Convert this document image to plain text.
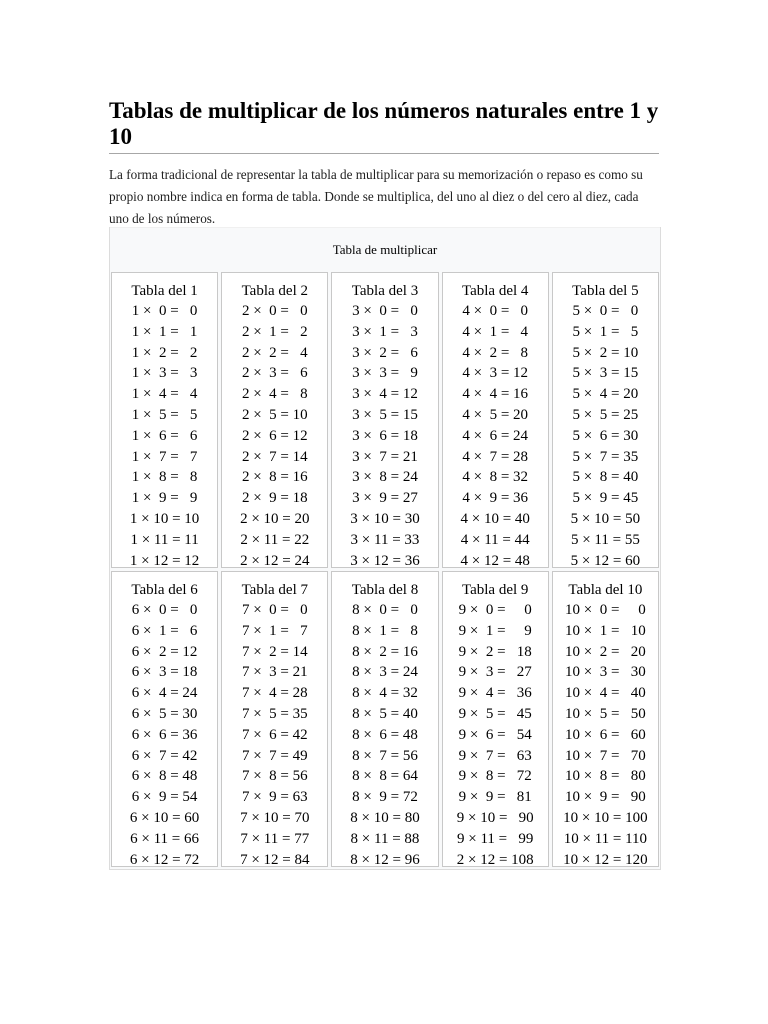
Tablas de multiplicar de los números naturales entre 1 y 10

La forma tradicional de representar la tabla de multiplicar para su memorización o repaso es como su propio nombre indica en forma de tabla. Donde se multiplica, del uno al diez o del cero al diez, cada uno de los números.

Tabla de multiplicar
Tabla del 1
1 ×  0 =   0
1 ×  1 =   1
1 ×  2 =   2
1 ×  3 =   3
1 ×  4 =   4
1 ×  5 =   5
1 ×  6 =   6
1 ×  7 =   7
1 ×  8 =   8
1 ×  9 =   9
1 × 10 = 10
1 × 11 = 11
1 × 12 = 12
Tabla del 2
2 ×  0 =   0
2 ×  1 =   2
2 ×  2 =   4
2 ×  3 =   6
2 ×  4 =   8
2 ×  5 = 10
2 ×  6 = 12
2 ×  7 = 14
2 ×  8 = 16
2 ×  9 = 18
2 × 10 = 20
2 × 11 = 22
2 × 12 = 24
Tabla del 3
3 ×  0 =   0
3 ×  1 =   3
3 ×  2 =   6
3 ×  3 =   9
3 ×  4 = 12
3 ×  5 = 15
3 ×  6 = 18
3 ×  7 = 21
3 ×  8 = 24
3 ×  9 = 27
3 × 10 = 30
3 × 11 = 33
3 × 12 = 36
Tabla del 4
4 ×  0 =   0
4 ×  1 =   4
4 ×  2 =   8
4 ×  3 = 12
4 ×  4 = 16
4 ×  5 = 20
4 ×  6 = 24
4 ×  7 = 28
4 ×  8 = 32
4 ×  9 = 36
4 × 10 = 40
4 × 11 = 44
4 × 12 = 48
Tabla del 5
5 ×  0 =   0
5 ×  1 =   5
5 ×  2 = 10
5 ×  3 = 15
5 ×  4 = 20
5 ×  5 = 25
5 ×  6 = 30
5 ×  7 = 35
5 ×  8 = 40
5 ×  9 = 45
5 × 10 = 50
5 × 11 = 55
5 × 12 = 60
Tabla del 6
6 ×  0 =   0
6 ×  1 =   6
6 ×  2 = 12
6 ×  3 = 18
6 ×  4 = 24
6 ×  5 = 30
6 ×  6 = 36
6 ×  7 = 42
6 ×  8 = 48
6 ×  9 = 54
6 × 10 = 60
6 × 11 = 66
6 × 12 = 72
Tabla del 7
7 ×  0 =   0
7 ×  1 =   7
7 ×  2 = 14
7 ×  3 = 21
7 ×  4 = 28
7 ×  5 = 35
7 ×  6 = 42
7 ×  7 = 49
7 ×  8 = 56
7 ×  9 = 63
7 × 10 = 70
7 × 11 = 77
7 × 12 = 84
Tabla del 8
8 ×  0 =   0
8 ×  1 =   8
8 ×  2 = 16
8 ×  3 = 24
8 ×  4 = 32
8 ×  5 = 40
8 ×  6 = 48
8 ×  7 = 56
8 ×  8 = 64
8 ×  9 = 72
8 × 10 = 80
8 × 11 = 88
8 × 12 = 96
Tabla del 9
9 ×  0 =     0
9 ×  1 =     9
9 ×  2 =   18
9 ×  3 =   27
9 ×  4 =   36
9 ×  5 =   45
9 ×  6 =   54
9 ×  7 =   63
9 ×  8 =   72
9 ×  9 =   81
9 × 10 =   90
9 × 11 =   99
2 × 12 = 108
Tabla del 10
10 ×  0 =     0
10 ×  1 =   10
10 ×  2 =   20
10 ×  3 =   30
10 ×  4 =   40
10 ×  5 =   50
10 ×  6 =   60
10 ×  7 =   70
10 ×  8 =   80
10 ×  9 =   90
10 × 10 = 100
10 × 11 = 110
10 × 12 = 120
